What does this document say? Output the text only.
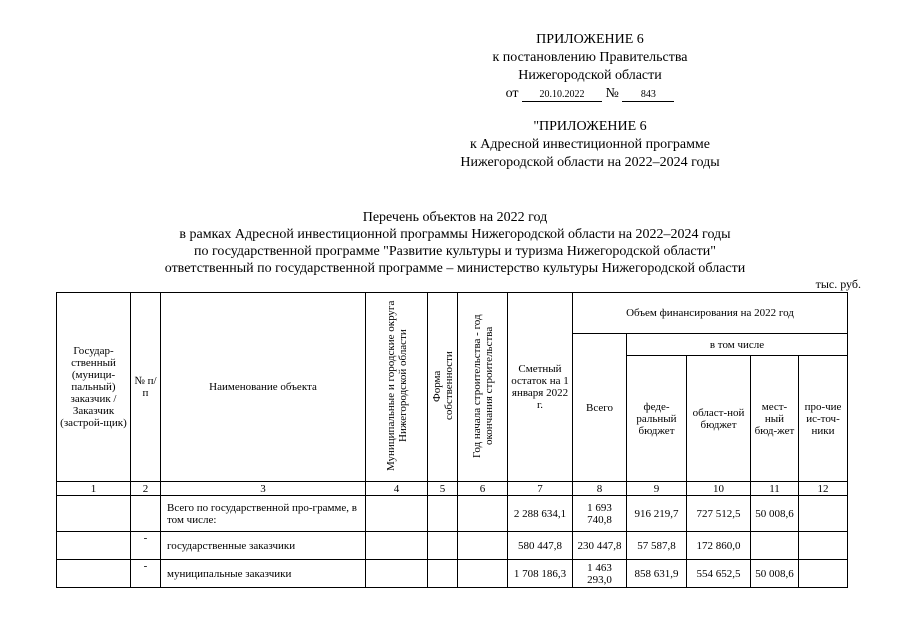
ПРИЛОЖЕНИЕ 6
к постановлению Правительства
Нижегородской области
от 20.10.2022 № 843
"ПРИЛОЖЕНИЕ 6
к Адресной инвестиционной программе
Нижегородской области на 2022–2024 годы
Перечень объектов на 2022 год
в рамках Адресной инвестиционной программы Нижегородской области на 2022–2024 годы
по государственной программе "Развитие культуры и туризма Нижегородской области"
ответственный по государственной программе – министерство культуры Нижегородской области
тыс. руб.
Государ-ственный (муници-пальный) заказчик / Заказчик (застрой-щик)	№ п/п	Наименование объекта	Муниципальные и городские округа Нижегородской области	Форма собственности	Год начала строительства - год окончания строительства	Сметный остаток на 1 января 2022 г.	Объем финансирования на 2022 год				
							Всего	в том числе			
								феде-ральный бюджет	област-ной бюджет	мест-ный бюд-жет	про-чие ис-точ-ники
1	2	3	4	5	6	7	8	9	10	11	12
		Всего по государственной про-грамме, в том числе:				2 288 634,1	1 693 740,8	916 219,7	727 512,5	50 008,6	
	-	государственные заказчики				580 447,8	230 447,8	57 587,8	172 860,0		
	-	муниципальные заказчики				1 708 186,3	1 463 293,0	858 631,9	554 652,5	50 008,6	
